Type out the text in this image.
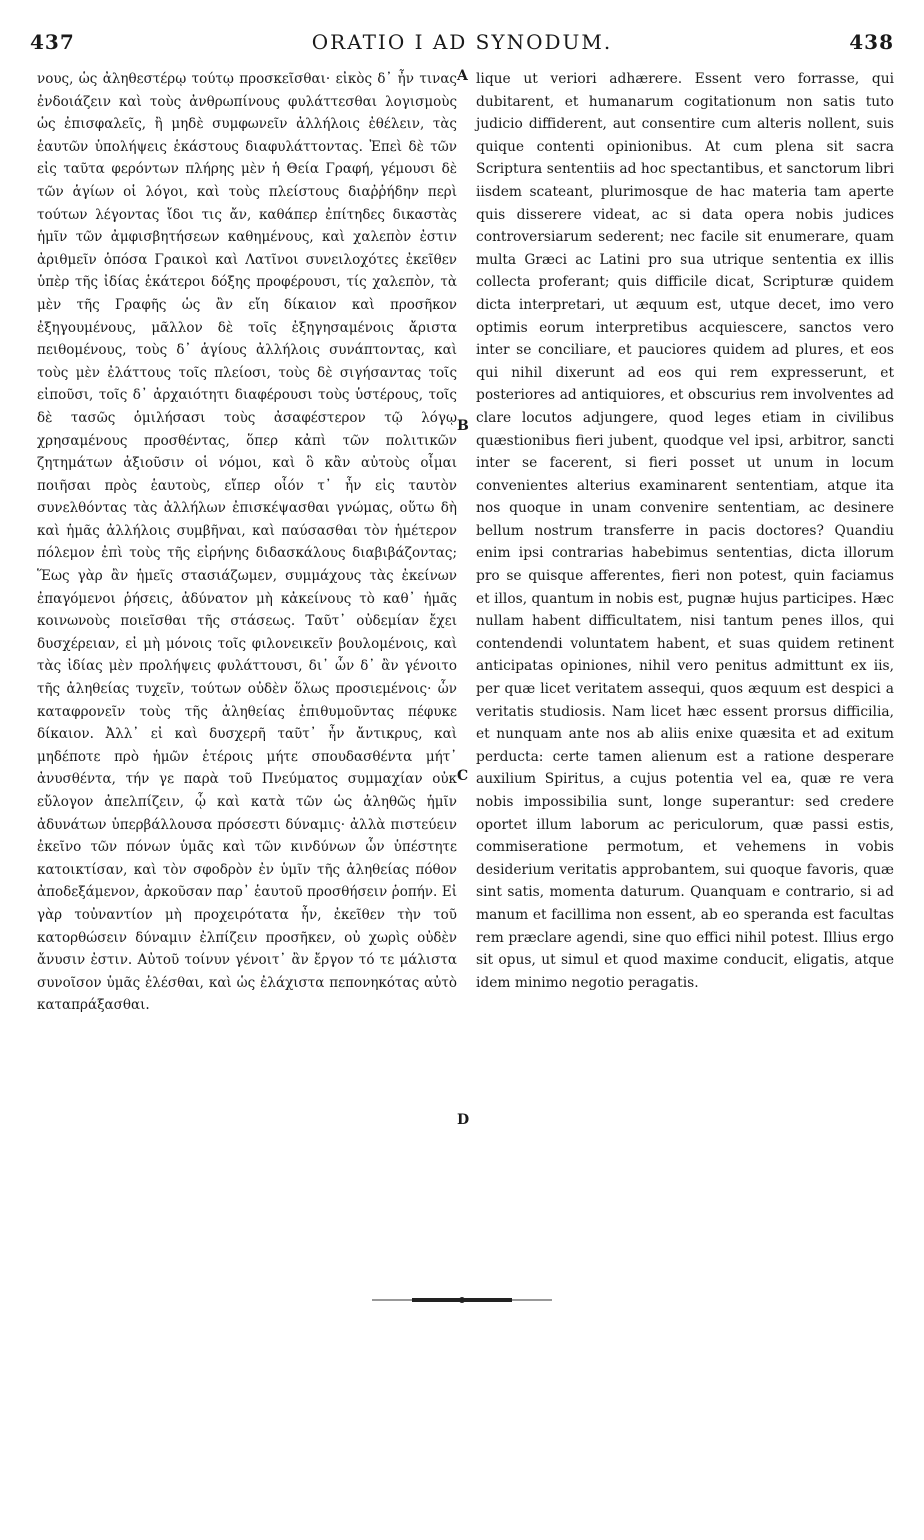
437	ORATIO I AD SYNODUM.	438

νους, ὡς ἀληθεστέρῳ τούτῳ προσκεῖσθαι· εἰκὸς δ᾽ ἦν τινας ἐνδοιάζειν καὶ τοὺς ἀνθρωπίνους φυλάττεσθαι λογισμοὺς ὡς ἐπισφαλεῖς, ἢ μηδὲ συμφωνεῖν ἀλλήλοις ἐθέλειν, τὰς ἑαυτῶν ὑπολήψεις ἑκάστους διαφυλάττοντας. Ἐπεὶ δὲ τῶν εἰς ταῦτα φερόντων πλήρης μὲν ἡ Θεία Γραφή, γέμουσι δὲ τῶν ἁγίων οἱ λόγοι, καὶ τοὺς πλείστους διαῤῥήδην περὶ τούτων λέγοντας ἴδοι τις ἄν, καθάπερ ἐπίτηδες δικαστὰς ἡμῖν τῶν ἀμφισβητήσεων καθημένους, καὶ χαλεπὸν ἐστιν ἀριθμεῖν ὁπόσα Γραικοὶ καὶ Λατῖνοι συνειλοχότες ἐκεῖθεν ὑπὲρ τῆς ἰδίας ἑκάτεροι δόξης προφέρουσι, τίς χαλεπὸν, τὰ μὲν τῆς Γραφῆς ὡς ἂν εἴη δίκαιον καὶ προσῆκον ἐξηγουμένους, μᾶλλον δὲ τοῖς ἐξηγησαμένοις ἄριστα πειθομένους, τοὺς δ᾽ ἁγίους ἀλλήλοις συνάπτοντας, καὶ τοὺς μὲν ἐλάττους τοῖς πλείοσι, τοὺς δὲ σιγήσαντας τοῖς εἰποῦσι, τοῖς δ᾽ ἀρχαιότητι διαφέρουσι τοὺς ὑστέρους, τοῖς δὲ τασῶς ὁμιλήσασι τοὺς ἀσαφέστερον τῷ λόγῳ χρησαμένους προσθέντας, ὅπερ κἀπὶ τῶν πολιτικῶν ζητημάτων ἀξιοῦσιν οἱ νόμοι, καὶ ὃ κἂν αὐτοὺς οἶμαι ποιῆσαι πρὸς ἑαυτοὺς, εἴπερ οἷόν τ᾽ ἦν εἰς ταυτὸν συνελθόντας τὰς ἀλλήλων ἐπισκέψασθαι γνώμας, οὕτω δὴ καὶ ἡμᾶς ἀλλήλοις συμβῆναι, καὶ παύσασθαι τὸν ἡμέτερον πόλεμον ἐπὶ τοὺς τῆς εἰρήνης διδασκάλους διαβιβάζοντας; Ἕως γὰρ ἂν ἡμεῖς στασιάζωμεν, συμμάχους τὰς ἐκείνων ἐπαγόμενοι ῥήσεις, ἀδύνατον μὴ κἀκείνους τὸ καθ᾽ ἡμᾶς κοινωνοὺς ποιεῖσθαι τῆς στάσεως. Ταῦτ᾽ οὐδεμίαν ἔχει δυσχέρειαν, εἰ μὴ μόνοις τοῖς φιλονεικεῖν βουλομένοις, καὶ τὰς ἰδίας μὲν προλήψεις φυλάττουσι, δι᾽ ὧν δ᾽ ἂν γένοιτο τῆς ἀληθείας τυχεῖν, τούτων οὐδὲν ὅλως προσιεμένοις· ὧν καταφρονεῖν τοὺς τῆς ἀληθείας ἐπιθυμοῦντας πέφυκε δίκαιον. Ἀλλ᾽ εἰ καὶ δυσχερῆ ταῦτ᾽ ἦν ἄντικρυς, καὶ μηδέποτε πρὸ ἡμῶν ἑτέροις μήτε σπουδασθέντα μήτ᾽ ἀνυσθέντα, τήν γε παρὰ τοῦ Πνεύματος συμμαχίαν οὐκ εὔλογον ἀπελπίζειν, ᾧ καὶ κατὰ τῶν ὡς ἀληθῶς ἡμῖν ἀδυνάτων ὑπερβάλλουσα πρόσεστι δύναμις· ἀλλὰ πιστεύειν ἐκεῖνο τῶν πόνων ὑμᾶς καὶ τῶν κινδύνων ὧν ὑπέστητε κατοικτίσαν, καὶ τὸν σφοδρὸν ἐν ὑμῖν τῆς ἀληθείας πόθον ἀποδεξάμενον, ἀρκοῦσαν παρ᾽ ἑαυτοῦ προσθήσειν ῥοπήν. Εἰ γὰρ τοὐναντίον μὴ προχειρότατα ἦν, ἐκεῖθεν τὴν τοῦ κατορθώσειν δύναμιν ἐλπίζειν προσῆκεν, οὐ χωρὶς οὐδὲν ἄνυσιν ἐστιν. Αὐτοῦ τοίνυν γένοιτ᾽ ἂν ἔργον τό τε μάλιστα συνοῖσον ὑμᾶς ἑλέσθαι, καὶ ὡς ἐλάχιστα πεπονηκότας αὐτὸ καταπράξασθαι.

A
B
C
D

lique ut veriori adhærere. Essent vero forrasse, qui dubitarent, et humanarum cogitationum non satis tuto judicio diffiderent, aut consentire cum alteris nollent, suis quique contenti opinionibus. At cum plena sit sacra Scriptura sententiis ad hoc spectantibus, et sanctorum libri iisdem scateant, plurimosque de hac materia tam aperte quis disserere videat, ac si data opera nobis judices controversiarum sederent; nec facile sit enumerare, quam multa Græci ac Latini pro sua utrique sententia ex illis collecta proferant; quis difficile dicat, Scripturæ quidem dicta interpretari, ut æquum est, utque decet, imo vero optimis eorum interpretibus acquiescere, sanctos vero inter se conciliare, et pauciores quidem ad plures, et eos qui nihil dixerunt ad eos qui rem expresserunt, et posteriores ad antiquiores, et obscurius rem involventes ad clare locutos adjungere, quod leges etiam in civilibus quæstionibus fieri jubent, quodque vel ipsi, arbitror, sancti inter se facerent, si fieri posset ut unum in locum convenientes alterius examinarent sententiam, atque ita nos quoque in unam convenire sententiam, ac desinere bellum nostrum transferre in pacis doctores? Quandiu enim ipsi contrarias habebimus sententias, dicta illorum pro se quisque afferentes, fieri non potest, quin faciamus et illos, quantum in nobis est, pugnæ hujus participes. Hæc nullam habent difficultatem, nisi tantum penes illos, qui contendendi voluntatem habent, et suas quidem retinent anticipatas opiniones, nihil vero penitus admittunt ex iis, per quæ licet veritatem assequi, quos æquum est despici a veritatis studiosis. Nam licet hæc essent prorsus difficilia, et nunquam ante nos ab aliis enixe quæsita et ad exitum perducta: certe tamen alienum est a ratione desperare auxilium Spiritus, a cujus potentia vel ea, quæ re vera nobis impossibilia sunt, longe superantur: sed credere oportet illum laborum ac periculorum, quæ passi estis, commiseratione permotum, et vehemens in vobis desiderium veritatis approbantem, sui quoque favoris, quæ sint satis, momenta daturum. Quanquam e contrario, si ad manum et facillima non essent, ab eo speranda est facultas rem præclare agendi, sine quo effici nihil potest. Illius ergo sit opus, ut simul et quod maxime conducit, eligatis, atque idem minimo negotio peragatis.
